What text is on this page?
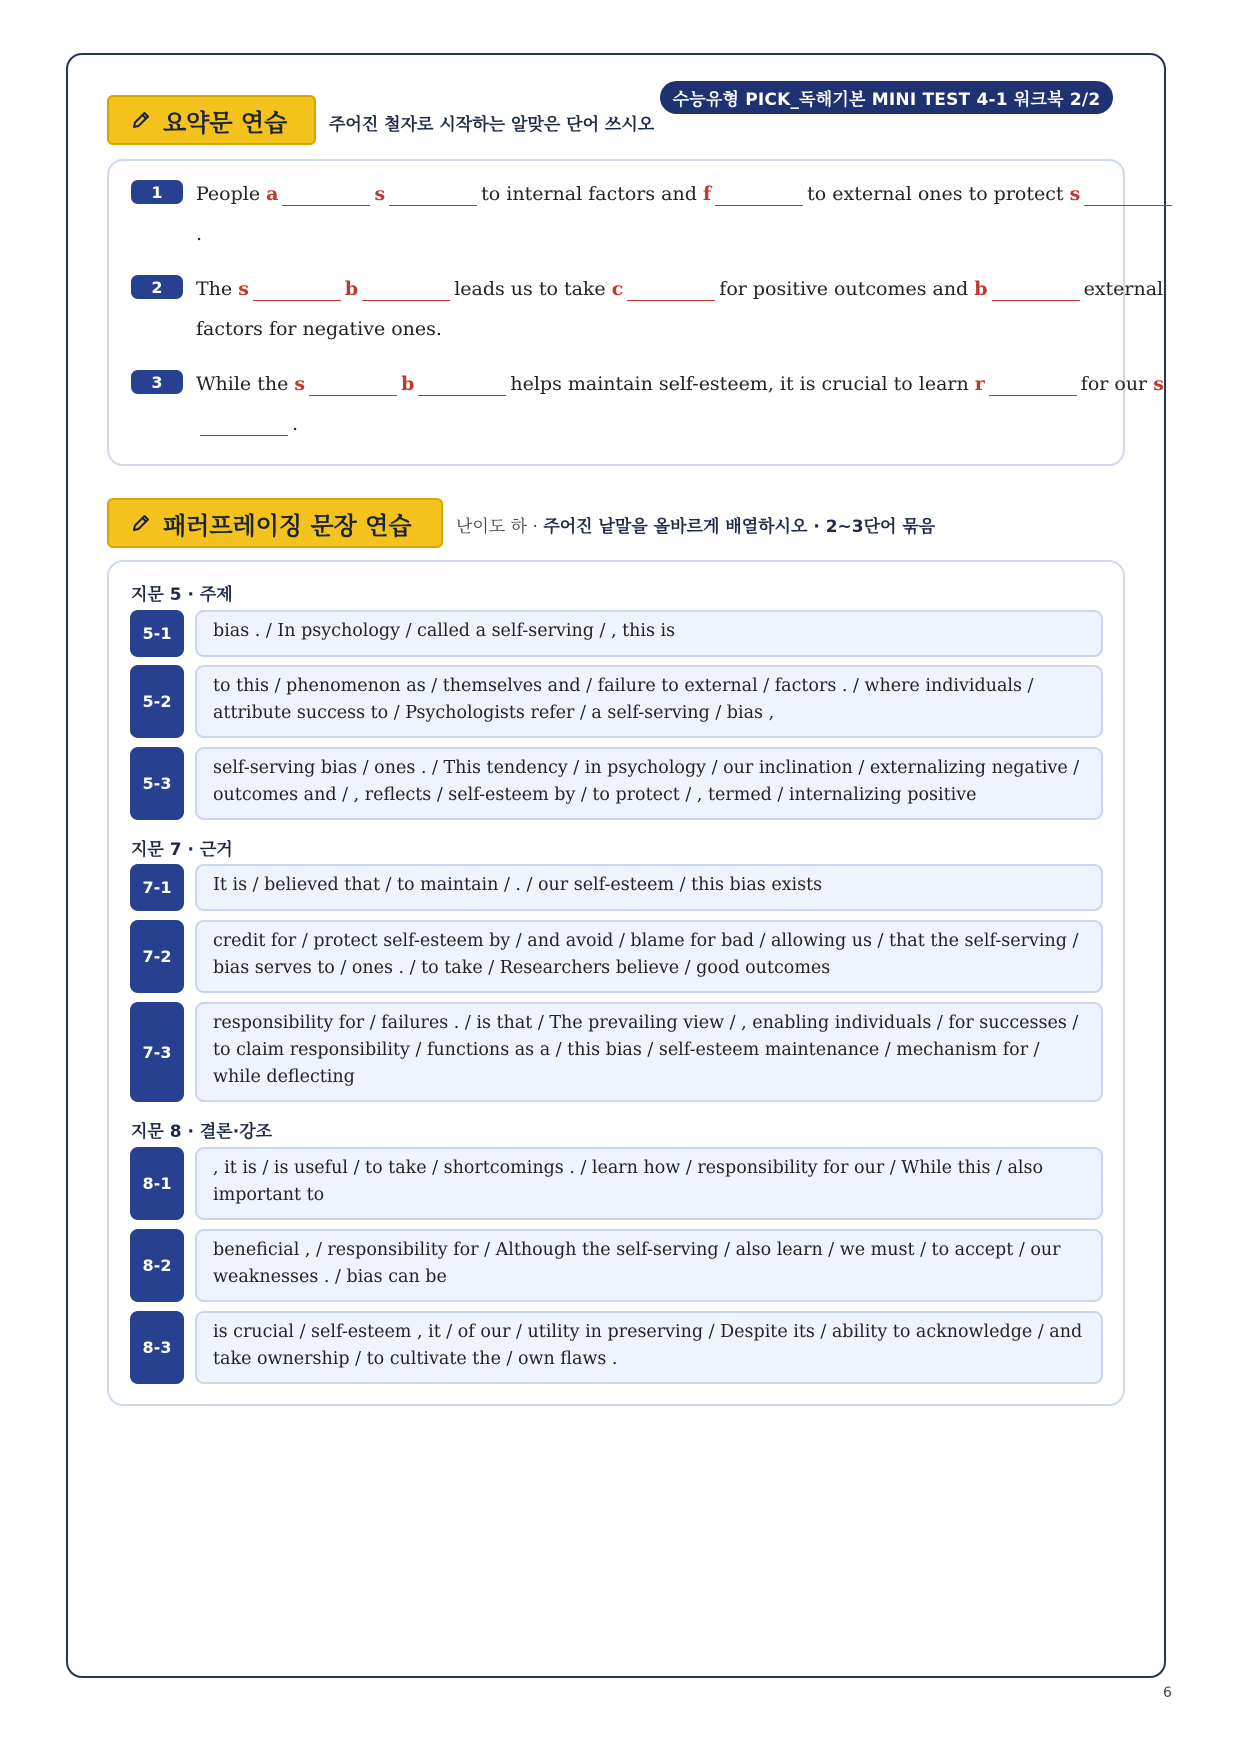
수능유형 PICK_독해기본 MINI TEST 4-1 워크북 2/2
요약문 연습 주어진 철자로 시작하는 알맞은 단어 쓰시오
1	People a	s	to internal factors and f	to external ones to protect s
.
2	The s	b	leads us to take c	for positive outcomes and b	external
factors for negative ones.
3	While the s	b	helps maintain self-esteem, it is crucial to learn r	for our s
.
패러프레이징 문장 연습	난이도 하 · 주어진 낱말을 올바르게 배열하시오 · 2~3단어 묶음
지문 5 · 주제
5-1	bias . / In psychology / called a self-serving / , this is
5-2
to this / phenomenon as / themselves and / failure to external / factors . / where individuals / attribute success to / Psychologists refer / a self-serving / bias ,
5-3
self-serving bias / ones . / This tendency / in psychology / our inclination / externalizing negative / outcomes and / , reflects / self-esteem by / to protect / , termed / internalizing positive
지문 7 · 근거
7-1	It is / believed that / to maintain / . / our self-esteem / this bias exists
7-2
credit for / protect self-esteem by / and avoid / blame for bad / allowing us / that the self-serving / bias serves to / ones . / to take / Researchers believe / good outcomes
7-3
responsibility for / failures . / is that / The prevailing view / , enabling individuals / for successes / to claim responsibility / functions as a / this bias / self-esteem maintenance / mechanism for / while deflecting
지문 8 · 결론·강조
8-1
, it is / is useful / to take / shortcomings . / learn how / responsibility for our / While this / also important to
8-2
beneficial , / responsibility for / Although the self-serving / also learn / we must / to accept / our weaknesses . / bias can be
8-3
is crucial / self-esteem , it / of our / utility in preserving / Despite its / ability to acknowledge / and take ownership / to cultivate the / own flaws .
6
